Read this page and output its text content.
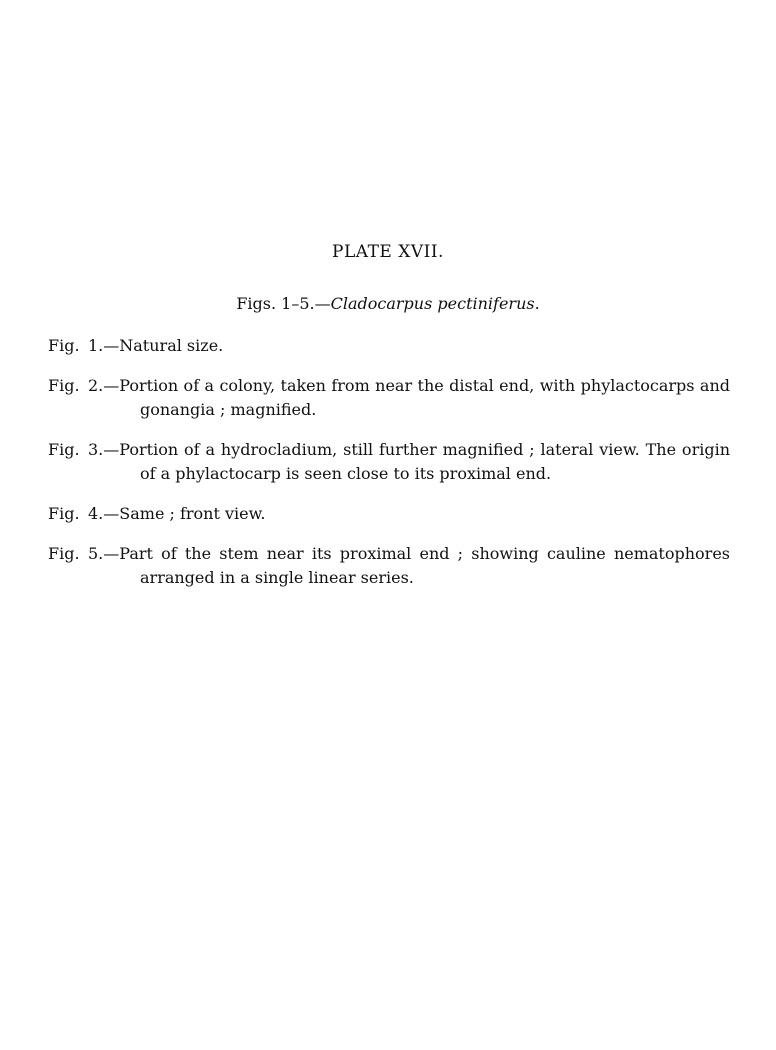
PLATE XVII.

Figs. 1–5.—Cladocarpus pectiniferus.

Fig. 1.—Natural size.
Fig. 2.—Portion of a colony, taken from near the distal end, with phylactocarps and gonangia ; magnified.
Fig. 3.—Portion of a hydrocladium, still further magnified ; lateral view. The origin of a phylactocarp is seen close to its proximal end.
Fig. 4.—Same ; front view.
Fig. 5.—Part of the stem near its proximal end ; showing cauline nematophores arranged in a single linear series.
